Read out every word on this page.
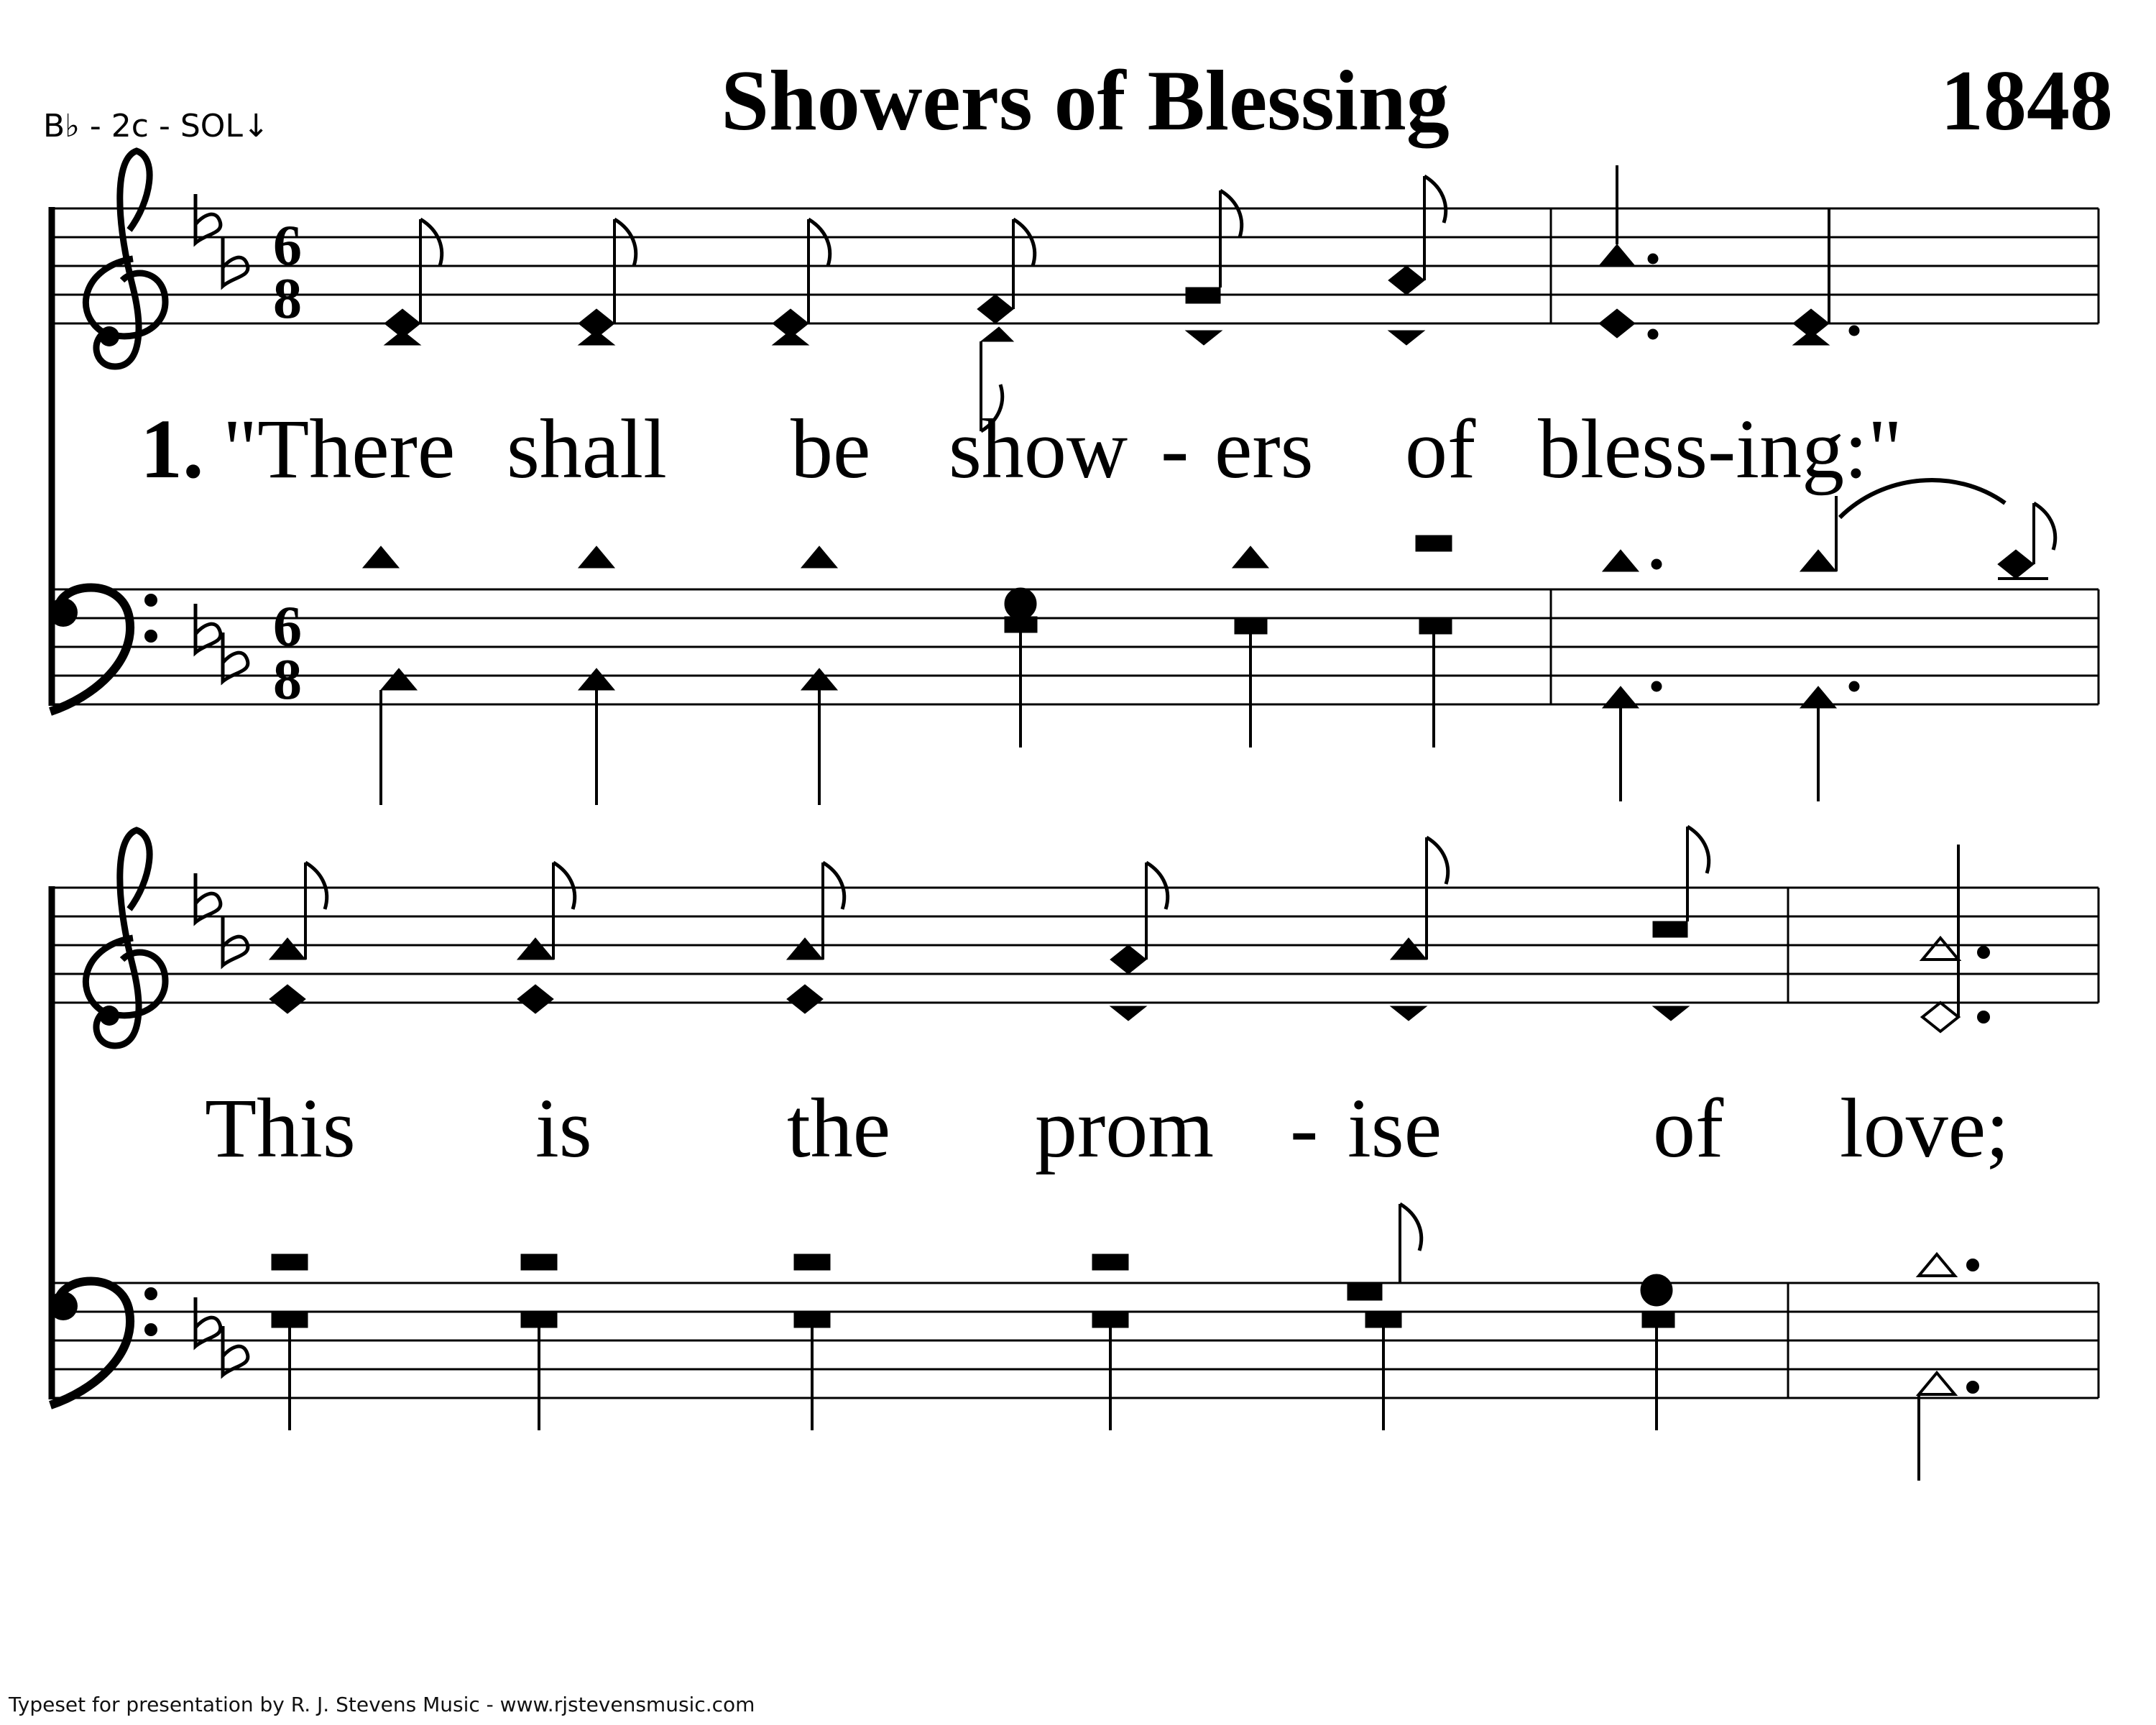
6
8
6
8
B♭ - 2c - SOL↓	Showers of Blessing	1848
1. "There shall be show - ers of bless-ing:"
This is the prom - ise of love;
Typeset for presentation by R. J. Stevens Music - www.rjstevensmusic.com
